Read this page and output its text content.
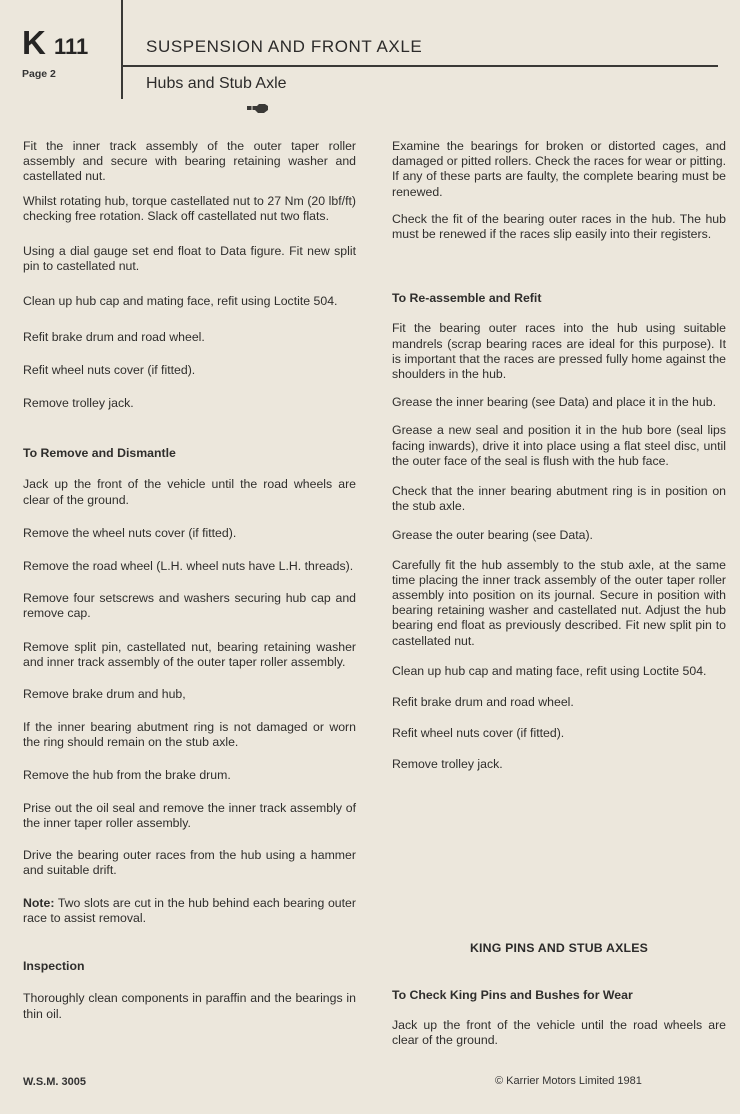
K 111
Page 2
SUSPENSION AND FRONT AXLE
Hubs and Stub Axle

Fit the inner track assembly of the outer taper roller assembly and secure with bearing retaining washer and castellated nut.

Whilst rotating hub, torque castellated nut to 27 Nm (20 lbf/ft) checking free rotation. Slack off castellated nut two flats.

Using a dial gauge set end float to Data figure. Fit new split pin to castellated nut.

Clean up hub cap and mating face, refit using Loctite 504.

Refit brake drum and road wheel.

Refit wheel nuts cover (if fitted).

Remove trolley jack.

To Remove and Dismantle

Jack up the front of the vehicle until the road wheels are clear of the ground.

Remove the wheel nuts cover (if fitted).

Remove the road wheel (L.H. wheel nuts have L.H. threads).

Remove four setscrews and washers securing hub cap and remove cap.

Remove split pin, castellated nut, bearing retaining washer and inner track assembly of the outer taper roller assembly.

Remove brake drum and hub,

If the inner bearing abutment ring is not damaged or worn the ring should remain on the stub axle.

Remove the hub from the brake drum.

Prise out the oil seal and remove the inner track assembly of the inner taper roller assembly.

Drive the bearing outer races from the hub using a hammer and suitable drift.

Note: Two slots are cut in the hub behind each bearing outer race to assist removal.

Inspection

Thoroughly clean components in paraffin and the bearings in thin oil.

Examine the bearings for broken or distorted cages, and damaged or pitted rollers. Check the races for wear or pitting. If any of these parts are faulty, the complete bearing must be renewed.

Check the fit of the bearing outer races in the hub. The hub must be renewed if the races slip easily into their registers.

To Re-assemble and Refit

Fit the bearing outer races into the hub using suitable mandrels (scrap bearing races are ideal for this purpose). It is important that the races are pressed fully home against the shoulders in the hub.

Grease the inner bearing (see Data) and place it in the hub.

Grease a new seal and position it in the hub bore (seal lips facing inwards), drive it into place using a flat steel disc, until the outer face of the seal is flush with the hub face.

Check that the inner bearing abutment ring is in position on the stub axle.

Grease the outer bearing (see Data).

Carefully fit the hub assembly to the stub axle, at the same time placing the inner track assembly of the outer taper roller assembly into position on its journal. Secure in position with bearing retaining washer and castellated nut. Adjust the hub bearing end float as previously described. Fit new split pin to castellated nut.

Clean up hub cap and mating face, refit using Loctite 504.

Refit brake drum and road wheel.

Refit wheel nuts cover (if fitted).

Remove trolley jack.

KING PINS AND STUB AXLES

To Check King Pins and Bushes for Wear

Jack up the front of the vehicle until the road wheels are clear of the ground.

W.S.M. 3005	© Karrier Motors Limited 1981
